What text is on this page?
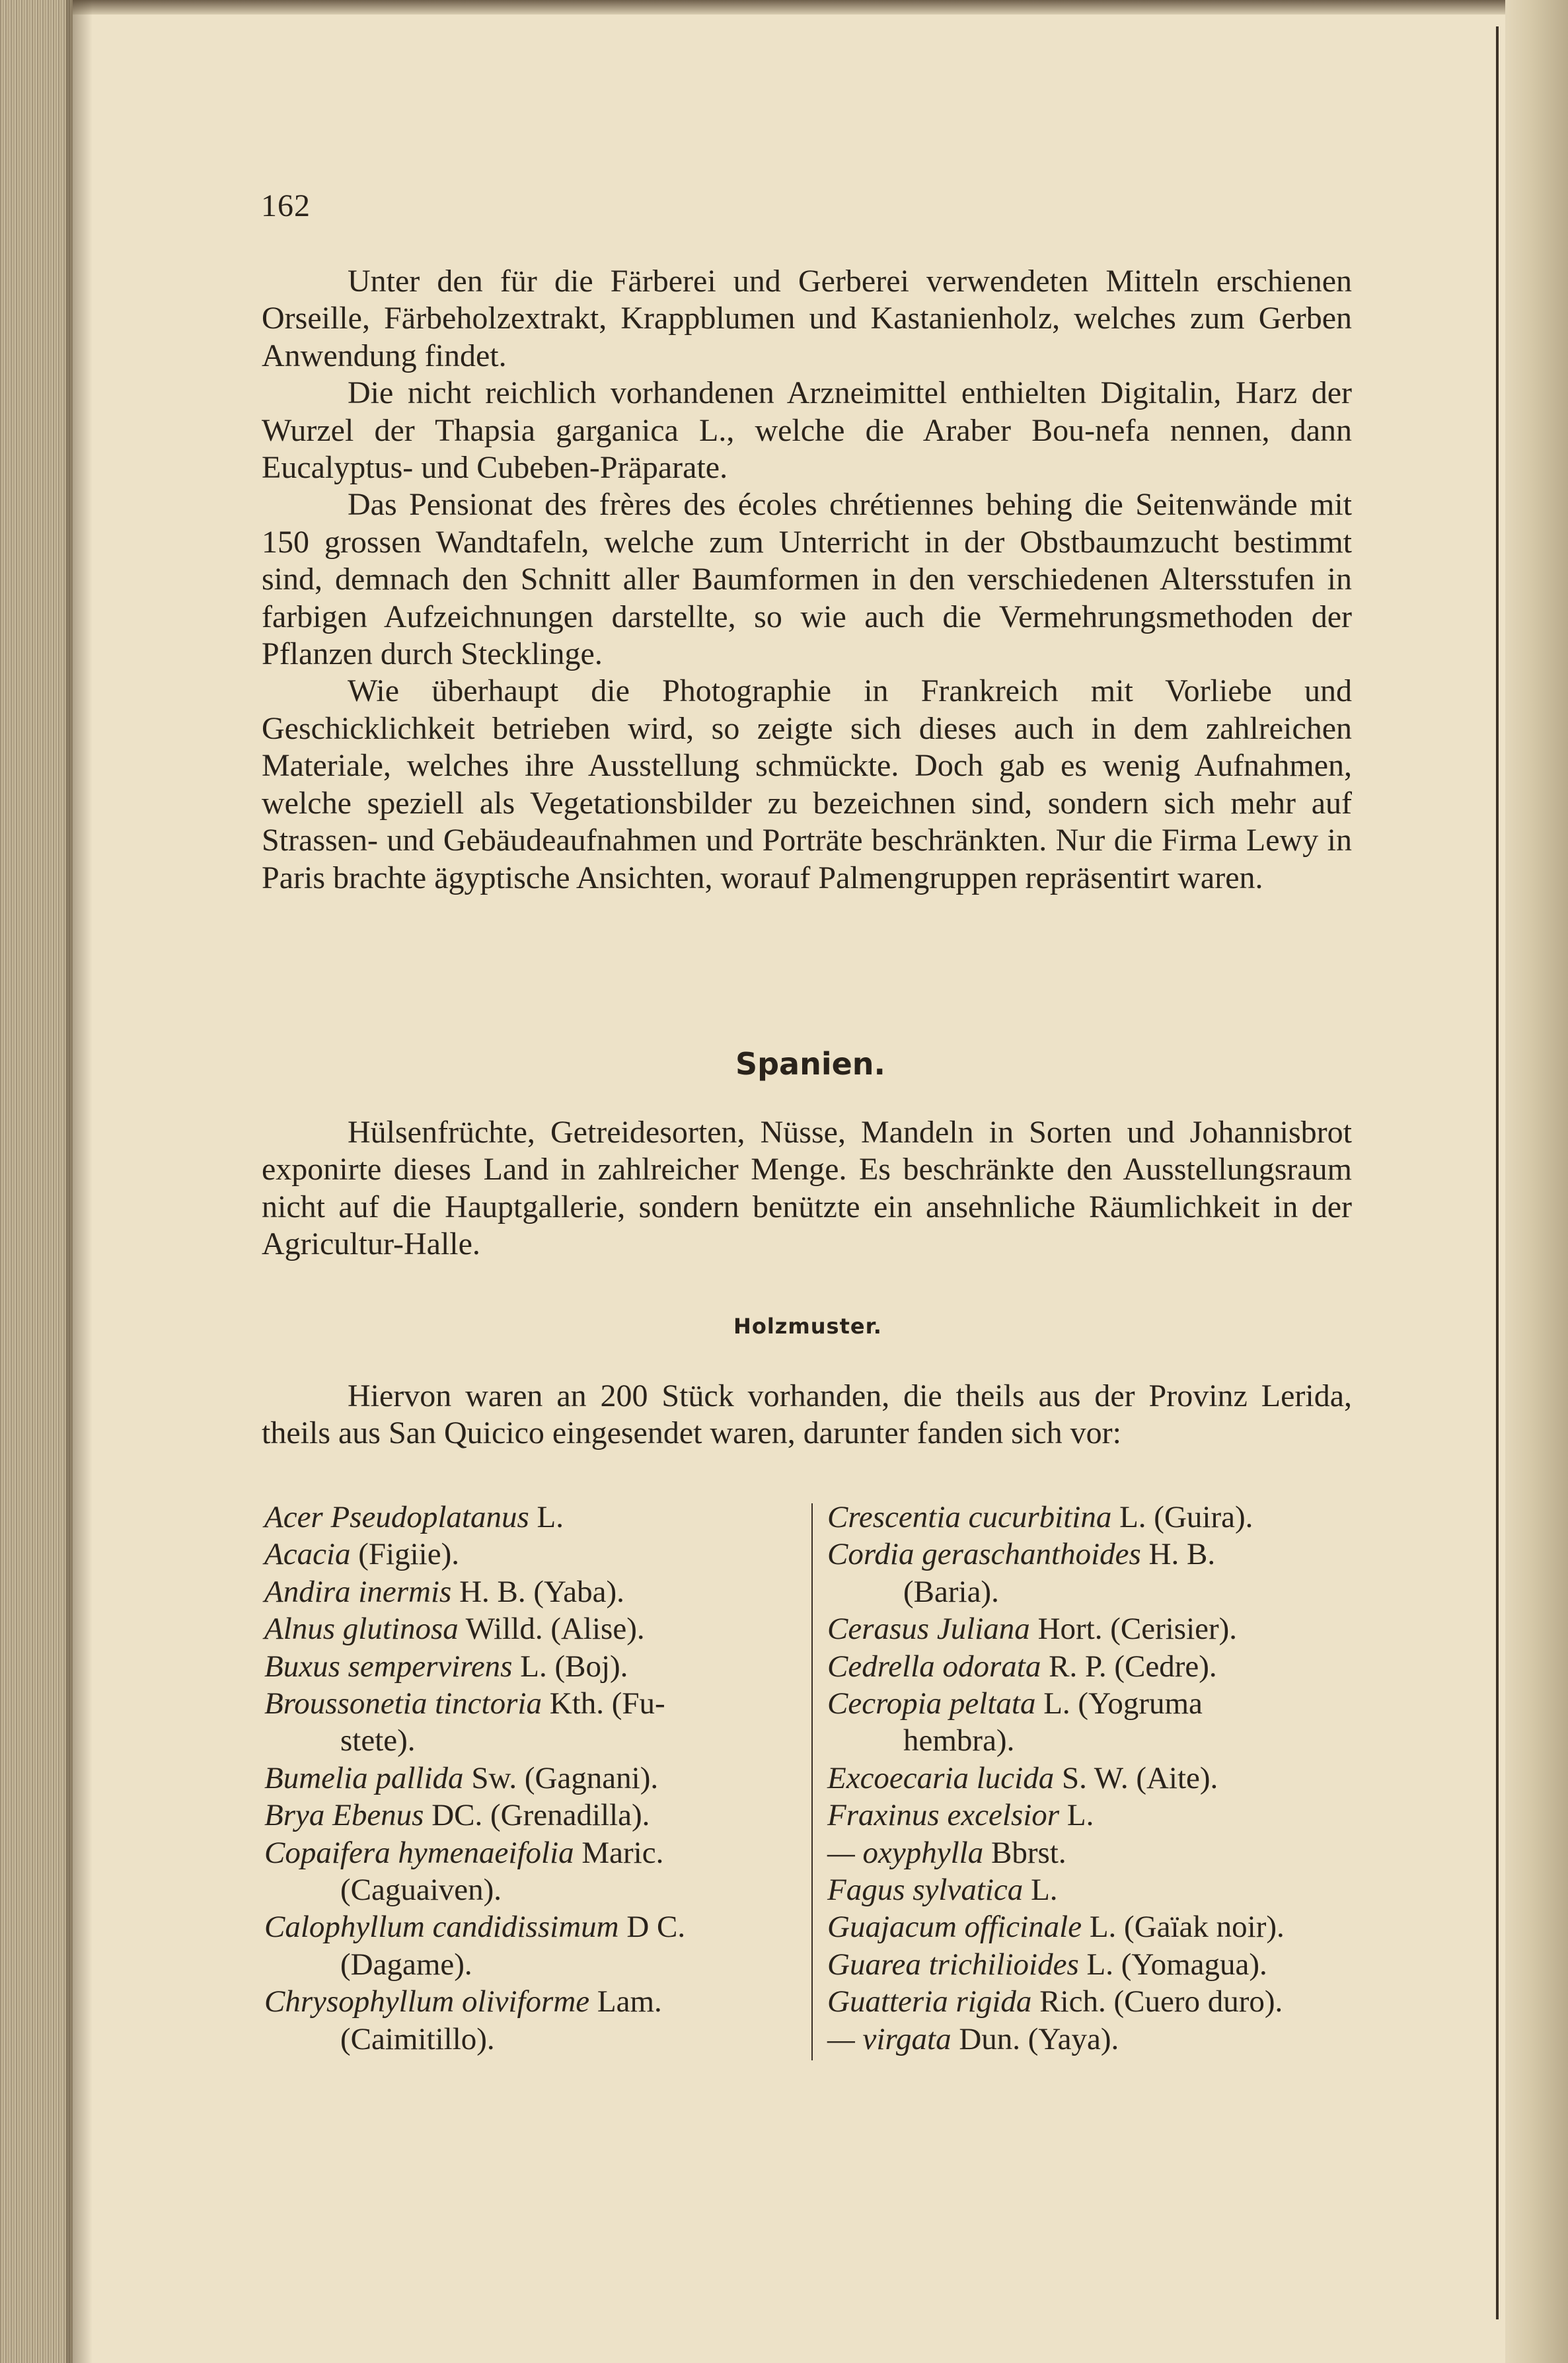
162

Unter den für die Färberei und Gerberei verwendeten Mitteln erschienen Orseille, Färbeholzextrakt, Krappblumen und Kastanienholz, welches zum Gerben Anwendung findet.

Die nicht reichlich vorhandenen Arzneimittel enthielten Digitalin, Harz der Wurzel der Thapsia garganica L., welche die Araber Bou-nefa nennen, dann Eucalyptus- und Cubeben-Präparate.

Das Pensionat des frères des écoles chrétiennes behing die Seitenwände mit 150 grossen Wandtafeln, welche zum Unterricht in der Obstbaumzucht bestimmt sind, demnach den Schnitt aller Baumformen in den verschiedenen Altersstufen in farbigen Aufzeichnungen darstellte, so wie auch die Vermehrungsmethoden der Pflanzen durch Stecklinge.

Wie überhaupt die Photographie in Frankreich mit Vorliebe und Geschicklichkeit betrieben wird, so zeigte sich dieses auch in dem zahlreichen Materiale, welches ihre Ausstellung schmückte. Doch gab es wenig Aufnahmen, welche speziell als Vegetationsbilder zu bezeichnen sind, sondern sich mehr auf Strassen- und Gebäudeaufnahmen und Porträte beschränkten. Nur die Firma Lewy in Paris brachte ägyptische Ansichten, worauf Palmengruppen repräsentirt waren.

Spanien.

Hülsenfrüchte, Getreidesorten, Nüsse, Mandeln in Sorten und Johannisbrot exponirte dieses Land in zahlreicher Menge. Es beschränkte den Ausstellungsraum nicht auf die Hauptgallerie, sondern benützte ein ansehnliche Räumlichkeit in der Agricultur-Halle.

Holzmuster.

Hiervon waren an 200 Stück vorhanden, die theils aus der Provinz Lerida, theils aus San Quicico eingesendet waren, darunter fanden sich vor:

Acer Pseudoplatanus L.

Acacia (Figiie).

Andira inermis H. B. (Yaba).

Alnus glutinosa Willd. (Alise).

Buxus sempervirens L. (Boj).

Broussonetia tinctoria Kth. (Fu-

stete).

Bumelia pallida Sw. (Gagnani).

Brya Ebenus DC. (Grenadilla).

Copaifera hymenaeifolia Maric.

(Caguaiven).

Calophyllum candidissimum D C.

(Dagame).

Chrysophyllum oliviforme Lam.

(Caimitillo).

Crescentia cucurbitina L. (Guira).

Cordia geraschanthoides H. B.

(Baria).

Cerasus Juliana Hort. (Cerisier).

Cedrella odorata R. P. (Cedre).

Cecropia peltata L. (Yogruma

hembra).

Excoecaria lucida S. W. (Aite).

Fraxinus excelsior L.

— oxyphylla Bbrst.

Fagus sylvatica L.

Guajacum officinale L. (Gaïak noir).

Guarea trichilioides L. (Yomagua).

Guatteria rigida Rich. (Cuero duro).

— virgata Dun. (Yaya).
